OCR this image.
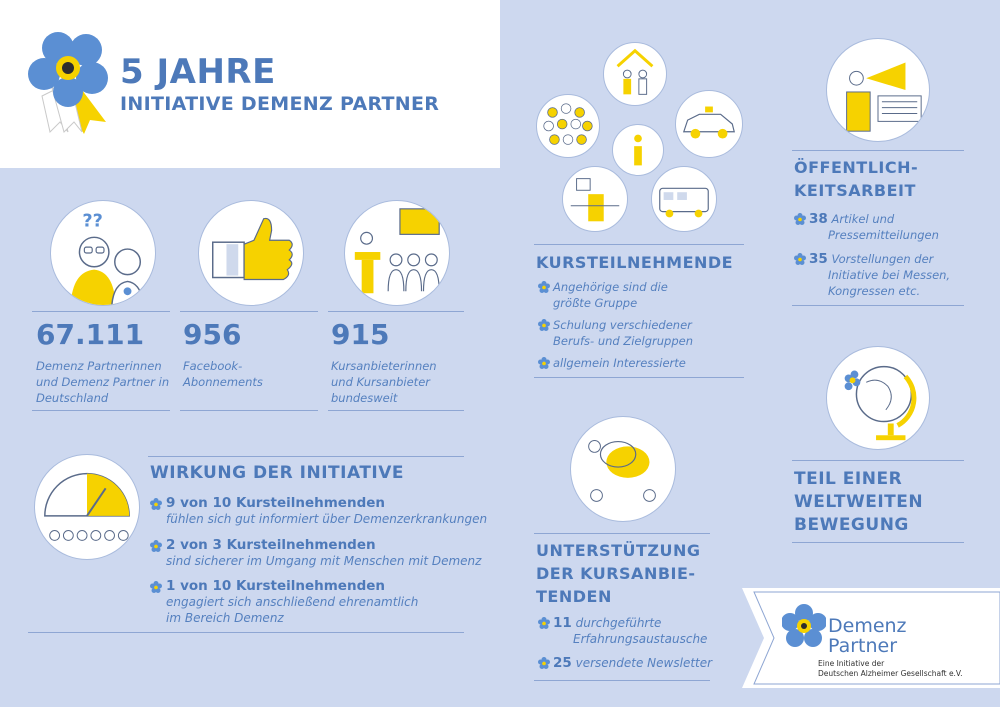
5 JAHRE
INITIATIVE DEMENZ PARTNER
??
67.111 956	915
Demenz Partnerinnen
und Demenz Partner in
Deutschland
Facebook-
Abonnements
Kursanbieterinnen
und Kursanbieter
bundesweit
WIRKUNG DER INITIATIVE
9 von 10 Kursteilnehmenden
fühlen sich gut informiert über Demenzerkrankungen
2 von 3 Kursteilnehmenden
sind sicherer im Umgang mit Menschen mit Demenz
1 von 10 Kursteilnehmenden
engagiert sich anschließend ehrenamtlich
im Bereich Demenz
KURSTEILNEHMENDE
Angehörige sind die
größte Gruppe
Schulung verschiedener
Berufs- und Zielgruppen
allgemein Interessierte
UNTERSTÜTZUNG
DER KURSANBIE-
TENDEN
11 durchgeführte
Erfahrungsaustausche
25 versendete Newsletter
ÖFFENTLICH-
KEITSARBEIT
38 Artikel und
Pressemitteilungen
35 Vorstellungen der
Initiative bei Messen,
Kongressen etc.
TEIL EINER
WELTWEITEN
BEWEGUNG
Demenz
Partner
Eine Initiative der
Deutschen Alzheimer Gesellschaft e.V.
